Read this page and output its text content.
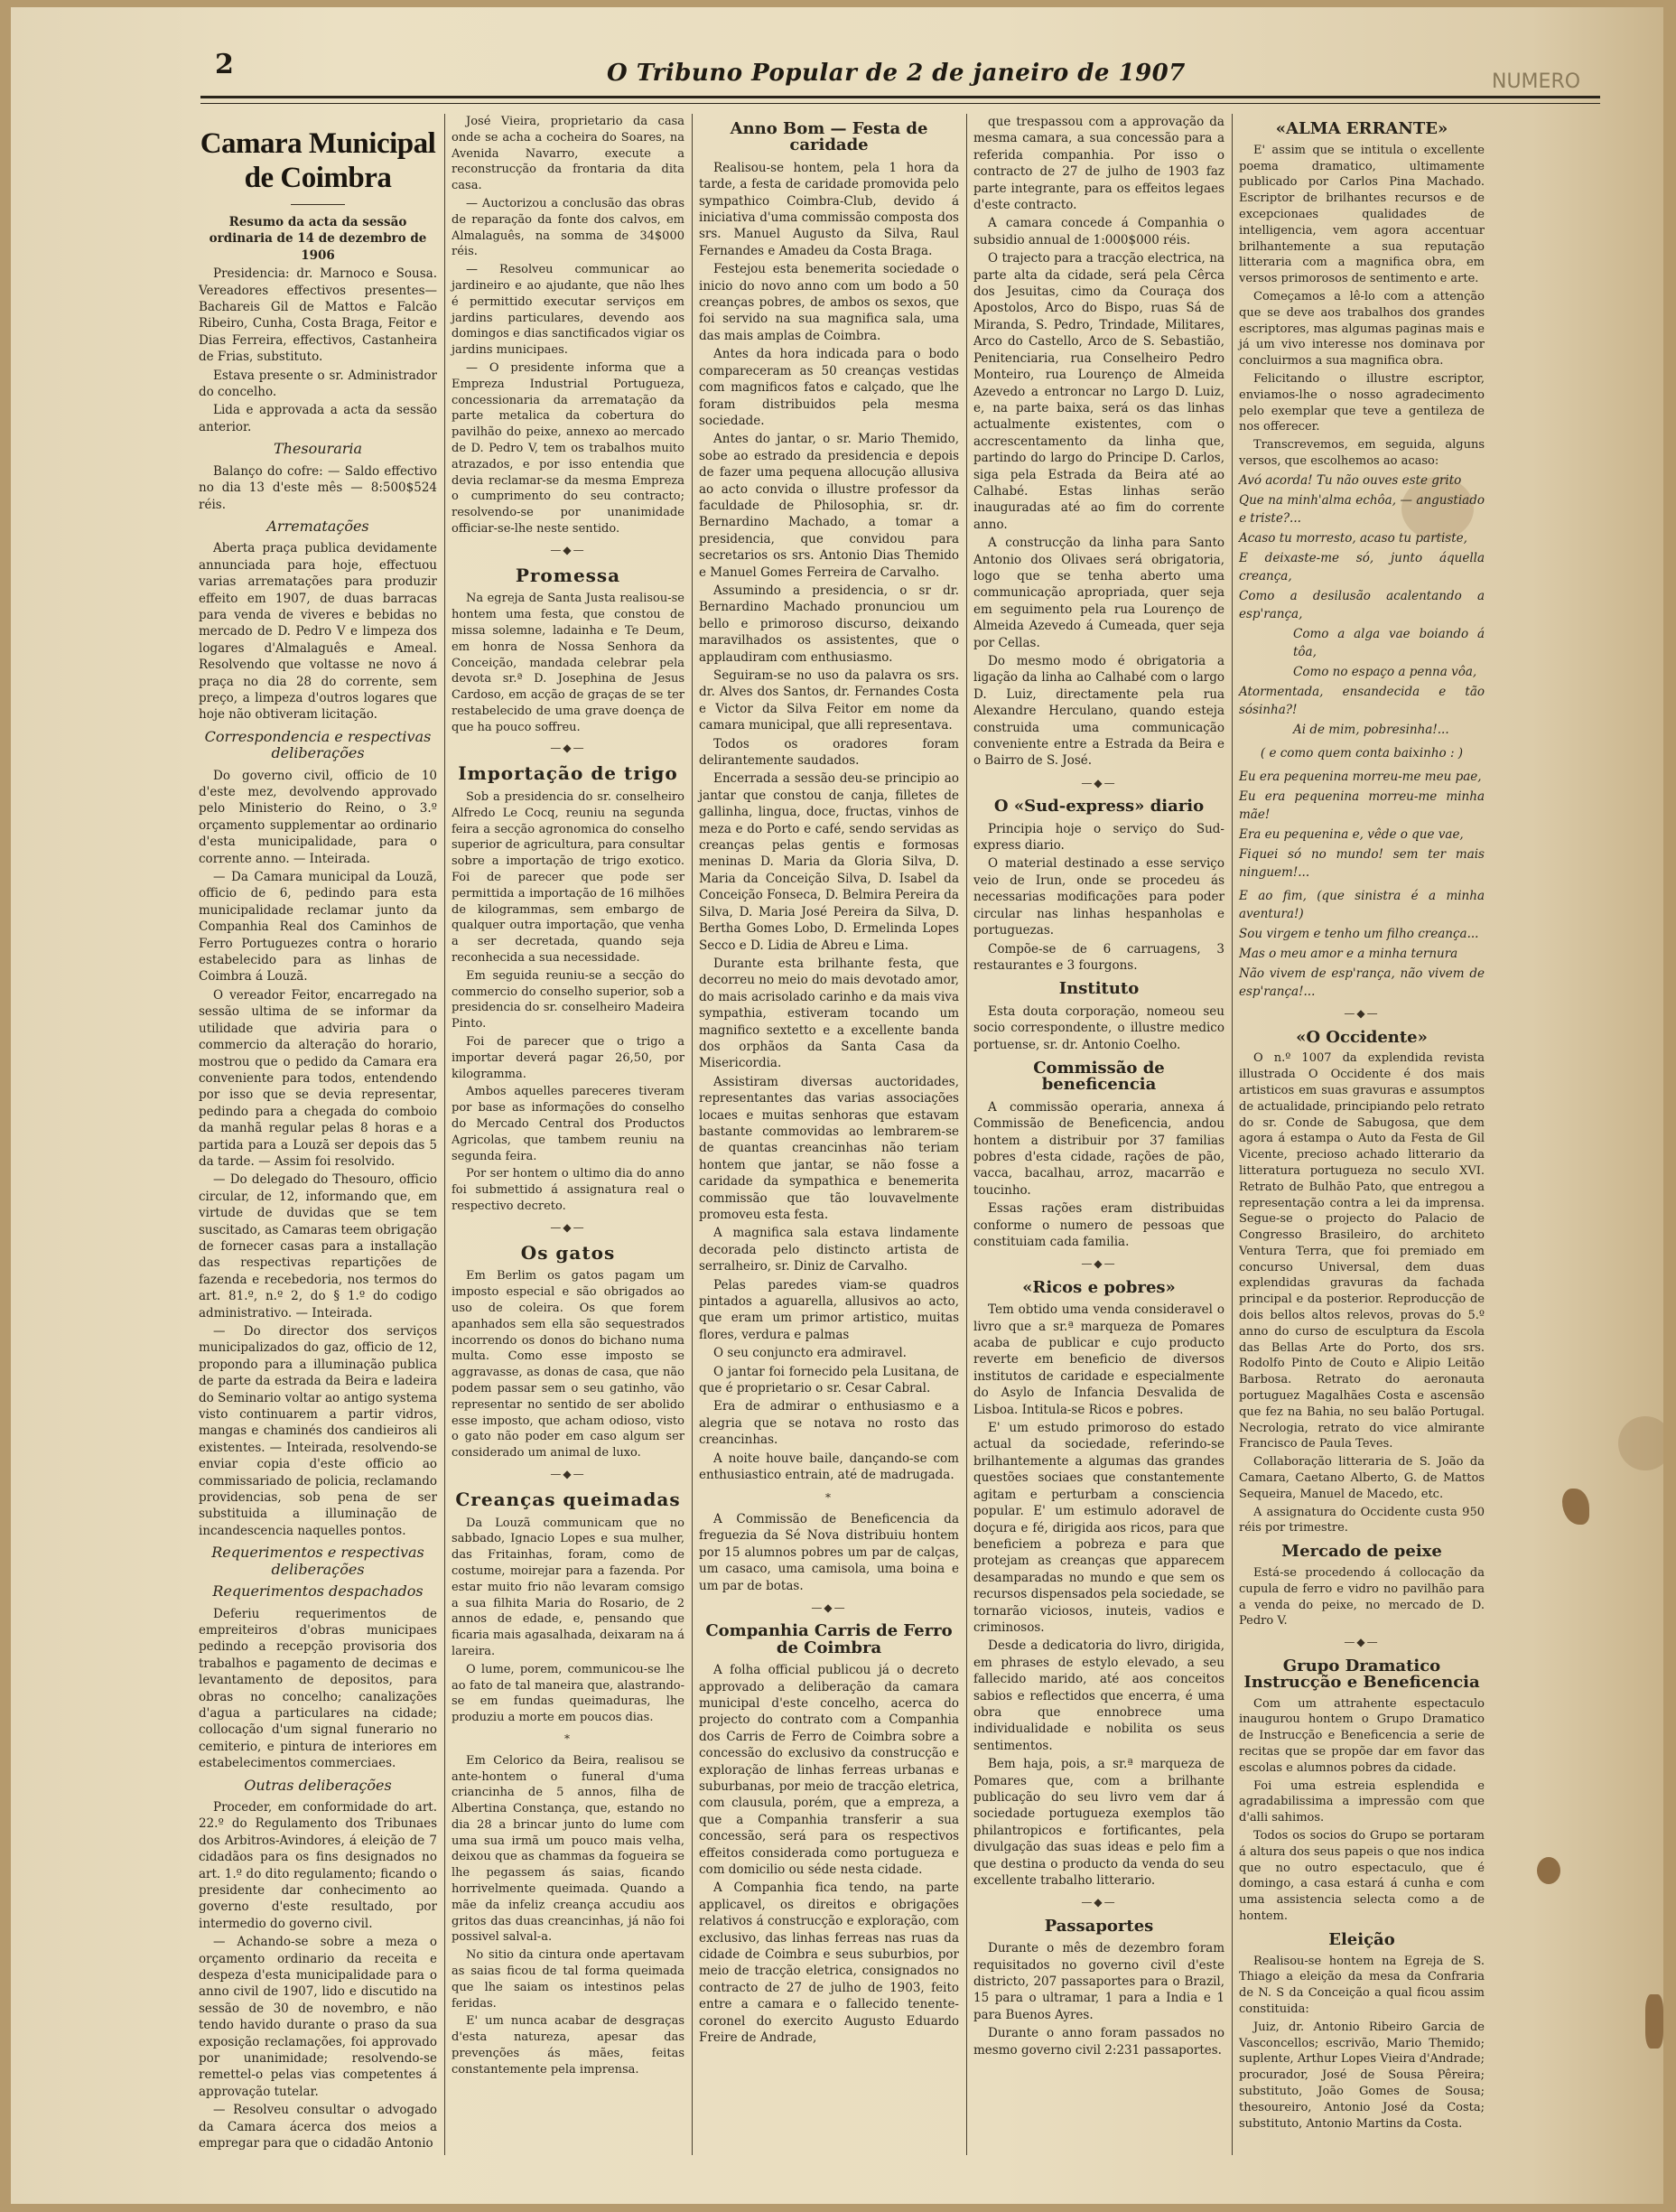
2	O Tribuno Popular de 2 de janeiro de 1907	NUMERO
Camara Municipal de Coimbra

Resumo da acta da sessão ordinaria de 14 de dezembro de 1906

Presidencia: dr. Marnoco e Sousa. Vereadores effectivos presentes— Bachareis Gil de Mattos e Falcão Ribeiro, Cunha, Costa Braga, Feitor e Dias Ferreira, effectivos, Castanheira de Frias, substituto.

Estava presente o sr. Administrador do concelho.

Lida e approvada a acta da sessão anterior.

Thesouraria

Balanço do cofre: — Saldo effectivo no dia 13 d'este mês — 8:500$524 réis.

Arrematações

Aberta praça publica devidamente annunciada para hoje, effectuou varias arrematações para produzir effeito em 1907, de duas barracas para venda de viveres e bebidas no mercado de D. Pedro V e limpeza dos logares d'Almalaguês e Ameal. Resolvendo que voltasse ne novo á praça no dia 28 do corrente, sem preço, a limpeza d'outros logares que hoje não obtiveram licitação.

Correspondencia e respectivas deliberações

Do governo civil, officio de 10 d'este mez, devolvendo approvado pelo Ministerio do Reino, o 3.º orçamento supplementar ao ordinario d'esta municipalidade, para o corrente anno. — Inteirada.

— Da Camara municipal da Louzã, officio de 6, pedindo para esta municipalidade reclamar junto da Companhia Real dos Caminhos de Ferro Portuguezes contra o horario estabelecido para as linhas de Coimbra á Louzã.

O vereador Feitor, encarregado na sessão ultima de se informar da utilidade que adviria para o commercio da alteração do horario, mostrou que o pedido da Camara era conveniente para todos, entendendo por isso que se devia representar, pedindo para a chegada do comboio da manhã regular pelas 8 horas e a partida para a Louzã ser depois das 5 da tarde. — Assim foi resolvido.

— Do delegado do Thesouro, officio circular, de 12, informando que, em virtude de duvidas que se tem suscitado, as Camaras teem obrigação de fornecer casas para a installação das respectivas repartições de fazenda e recebedoria, nos termos do art. 81.º, n.º 2, do § 1.º do codigo administrativo. — Inteirada.

— Do director dos serviços municipalizados do gaz, officio de 12, propondo para a illuminação publica de parte da estrada da Beira e ladeira do Seminario voltar ao antigo systema visto continuarem a partir vidros, mangas e chaminés dos candieiros ali existentes. — Inteirada, resolvendo-se enviar copia d'este officio ao commissariado de policia, reclamando providencias, sob pena de ser substituida a illuminação de incandescencia naquelles pontos.

Requerimentos e respectivas deliberações
Requerimentos despachados

Deferiu requerimentos de empreiteiros d'obras municipaes pedindo a recepção provisoria dos trabalhos e pagamento de decimas e levantamento de depositos, para obras no concelho; canalizações d'agua a particulares na cidade; collocação d'um signal funerario no cemiterio, e pintura de interiores em estabelecimentos commerciaes.

Outras deliberações

Proceder, em conformidade do art. 22.º do Regulamento dos Tribunaes dos Arbitros-Avindores, á eleição de 7 cidadãos para os fins designados no art. 1.º do dito regulamento; ficando o presidente dar conhecimento ao governo d'este resultado, por intermedio do governo civil.

— Achando-se sobre a meza o orçamento ordinario da receita e despeza d'esta municipalidade para o anno civil de 1907, lido e discutido na sessão de 30 de novembro, e não tendo havido durante o praso da sua exposição reclamações, foi approvado por unanimidade; resolvendo-se remettel-o pelas vias competentes á approvação tutelar.

— Resolveu consultar o advogado da Camara ácerca dos meios a empregar para que o cidadão Antonio

José Vieira, proprietario da casa onde se acha a cocheira do Soares, na Avenida Navarro, execute a reconstrucção da frontaria da dita casa.

— Auctorizou a conclusão das obras de reparação da fonte dos calvos, em Almalaguês, na somma de 34$000 réis.

— Resolveu communicar ao jardineiro e ao ajudante, que não lhes é permittido executar serviços em jardins particulares, devendo aos domingos e dias sanctificados vigiar os jardins municipaes.

— O presidente informa que a Empreza Industrial Portugueza, concessionaria da arrematação da parte metalica da cobertura do pavilhão do peixe, annexo ao mercado de D. Pedro V, tem os trabalhos muito atrazados, e por isso entendia que devia reclamar-se da mesma Empreza o cumprimento do seu contracto; resolvendo-se por unanimidade officiar-se-lhe neste sentido.

—◆—
Promessa

Na egreja de Santa Justa realisou-se hontem uma festa, que constou de missa solemne, ladainha e Te Deum, em honra de Nossa Senhora da Conceição, mandada celebrar pela devota sr.ª D. Josephina de Jesus Cardoso, em acção de graças de se ter restabelecido de uma grave doença de que ha pouco soffreu.

—◆—
Importação de trigo

Sob a presidencia do sr. conselheiro Alfredo Le Cocq, reuniu na segunda feira a secção agronomica do conselho superior de agricultura, para consultar sobre a importação de trigo exotico. Foi de parecer que pode ser permittida a importação de 16 milhões de kilogrammas, sem embargo de qualquer outra importação, que venha a ser decretada, quando seja reconhecida a sua necessidade.

Em seguida reuniu-se a secção do commercio do conselho superior, sob a presidencia do sr. conselheiro Madeira Pinto.

Foi de parecer que o trigo a importar deverá pagar 26,50, por kilogramma.

Ambos aquelles pareceres tiveram por base as informações do conselho do Mercado Central dos Productos Agricolas, que tambem reuniu na segunda feira.

Por ser hontem o ultimo dia do anno foi submettido á assignatura real o respectivo decreto.

—◆—
Os gatos

Em Berlim os gatos pagam um imposto especial e são obrigados ao uso de coleira. Os que forem apanhados sem ella são sequestrados incorrendo os donos do bichano numa multa. Como esse imposto se aggravasse, as donas de casa, que não podem passar sem o seu gatinho, vão representar no sentido de ser abolido esse imposto, que acham odioso, visto o gato não poder em caso algum ser considerado um animal de luxo.

—◆—
Creanças queimadas

Da Louzã communicam que no sabbado, Ignacio Lopes e sua mulher, das Fritainhas, foram, como de costume, moirejar para a fazenda. Por estar muito frio não levaram comsigo a sua filhita Maria do Rosario, de 2 annos de edade, e, pensando que ficaria mais agasalhada, deixaram na á lareira.

O lume, porem, communicou-se lhe ao fato de tal maneira que, alastrando-se em fundas queimaduras, lhe produziu a morte em poucos dias.

*

Em Celorico da Beira, realisou se ante-hontem o funeral d'uma criancinha de 5 annos, filha de Albertina Constança, que, estando no dia 28 a brincar junto do lume com uma sua irmã um pouco mais velha, deixou que as chammas da fogueira se lhe pegassem ás saias, ficando horrivelmente queimada. Quando a mãe da infeliz creança accudiu aos gritos das duas creancinhas, já não foi possivel salval-a.

No sitio da cintura onde apertavam as saias ficou de tal forma queimada que lhe saiam os intestinos pelas feridas.

E' um nunca acabar de desgraças d'esta natureza, apesar das prevenções ás mães, feitas constantemente pela imprensa.

Anno Bom — Festa de caridade

Realisou-se hontem, pela 1 hora da tarde, a festa de caridade promovida pelo sympathico Coimbra-Club, devido á iniciativa d'uma commissão composta dos srs. Manuel Augusto da Silva, Raul Fernandes e Amadeu da Costa Braga.

Festejou esta benemerita sociedade o inicio do novo anno com um bodo a 50 creanças pobres, de ambos os sexos, que foi servido na sua magnifica sala, uma das mais amplas de Coimbra.

Antes da hora indicada para o bodo compareceram as 50 creanças vestidas com magnificos fatos e calçado, que lhe foram distribuidos pela mesma sociedade.

Antes do jantar, o sr. Mario Themido, sobe ao estrado da presidencia e depois de fazer uma pequena allocução allusiva ao acto convida o illustre professor da faculdade de Philosophia, sr. dr. Bernardino Machado, a tomar a presidencia, que convidou para secretarios os srs. Antonio Dias Themido e Manuel Gomes Ferreira de Carvalho.

Assumindo a presidencia, o sr dr. Bernardino Machado pronunciou um bello e primoroso discurso, deixando maravilhados os assistentes, que o applaudiram com enthusiasmo.

Seguiram-se no uso da palavra os srs. dr. Alves dos Santos, dr. Fernandes Costa e Victor da Silva Feitor em nome da camara municipal, que alli representava.

Todos os oradores foram delirantemente saudados.

Encerrada a sessão deu-se principio ao jantar que constou de canja, filletes de gallinha, lingua, doce, fructas, vinhos de meza e do Porto e café, sendo servidas as creanças pelas gentis e formosas meninas D. Maria da Gloria Silva, D. Maria da Conceição Silva, D. Isabel da Conceição Fonseca, D. Belmira Pereira da Silva, D. Maria José Pereira da Silva, D. Bertha Gomes Lobo, D. Ermelinda Lopes Secco e D. Lidia de Abreu e Lima.

Durante esta brilhante festa, que decorreu no meio do mais devotado amor, do mais acrisolado carinho e da mais viva sympathia, estiveram tocando um magnifico sextetto e a excellente banda dos orphãos da Santa Casa da Misericordia.

Assistiram diversas auctoridades, representantes das varias associações locaes e muitas senhoras que estavam bastante commovidas ao lembrarem-se de quantas creancinhas não teriam hontem que jantar, se não fosse a caridade da sympathica e benemerita commissão que tão louvavelmente promoveu esta festa.

A magnifica sala estava lindamente decorada pelo distincto artista de serralheiro, sr. Diniz de Carvalho.

Pelas paredes viam-se quadros pintados a aguarella, allusivos ao acto, que eram um primor artistico, muitas flores, verdura e palmas

O seu conjuncto era admiravel.

O jantar foi fornecido pela Lusitana, de que é proprietario o sr. Cesar Cabral.

Era de admirar o enthusiasmo e a alegria que se notava no rosto das creancinhas.

A noite houve baile, dançando-se com enthusiastico entrain, até de madrugada.

*

A Commissão de Beneficencia da freguezia da Sé Nova distribuiu hontem por 15 alumnos pobres um par de calças, um casaco, uma camisola, uma boina e um par de botas.

—◆—
Companhia Carris de Ferro de Coimbra

A folha official publicou já o decreto approvado a deliberação da camara municipal d'este concelho, acerca do projecto do contrato com a Companhia dos Carris de Ferro de Coimbra sobre a concessão do exclusivo da construcção e exploração de linhas ferreas urbanas e suburbanas, por meio de tracção eletrica, com clausula, porém, que a empreza, a que a Companhia transferir a sua concessão, será para os respectivos effeitos considerada como portugueza e com domicilio ou séde nesta cidade.

A Companhia fica tendo, na parte applicavel, os direitos e obrigações relativos á construcção e exploração, com exclusivo, das linhas ferreas nas ruas da cidade de Coimbra e seus suburbios, por meio de tracção eletrica, consignados no contracto de 27 de julho de 1903, feito entre a camara e o fallecido tenente-coronel do exercito Augusto Eduardo Freire de Andrade,

que trespassou com a approvação da mesma camara, a sua concessão para a referida companhia. Por isso o contracto de 27 de julho de 1903 faz parte integrante, para os effeitos legaes d'este contracto.

A camara concede á Companhia o subsidio annual de 1:000$000 réis.

O trajecto para a tracção electrica, na parte alta da cidade, será pela Cêrca dos Jesuitas, cimo da Couraça dos Apostolos, Arco do Bispo, ruas Sá de Miranda, S. Pedro, Trindade, Militares, Arco do Castello, Arco de S. Sebastião, Penitenciaria, rua Conselheiro Pedro Monteiro, rua Lourenço de Almeida Azevedo a entroncar no Largo D. Luiz, e, na parte baixa, será os das linhas actualmente existentes, com o accrescentamento da linha que, partindo do largo do Principe D. Carlos, siga pela Estrada da Beira até ao Calhabé. Estas linhas serão inauguradas até ao fim do corrente anno.

A construcção da linha para Santo Antonio dos Olivaes será obrigatoria, logo que se tenha aberto uma communicação apropriada, quer seja em seguimento pela rua Lourenço de Almeida Azevedo á Cumeada, quer seja por Cellas.

Do mesmo modo é obrigatoria a ligação da linha ao Calhabé com o largo D. Luiz, directamente pela rua Alexandre Herculano, quando esteja construida uma communicação conveniente entre a Estrada da Beira e o Bairro de S. José.

—◆—
O «Sud-express» diario

Principia hoje o serviço do Sud-express diario.

O material destinado a esse serviço veio de Irun, onde se procedeu ás necessarias modificações para poder circular nas linhas hespanholas e portuguezas.

Compõe-se de 6 carruagens, 3 restaurantes e 3 fourgons.

Instituto

Esta douta corporação, nomeou seu socio correspondente, o illustre medico portuense, sr. dr. Antonio Coelho.

Commissão de beneficencia

A commissão operaria, annexa á Commissão de Beneficencia, andou hontem a distribuir por 37 familias pobres d'esta cidade, rações de pão, vacca, bacalhau, arroz, macarrão e toucinho.

Essas rações eram distribuidas conforme o numero de pessoas que constituiam cada familia.

—◆—
«Ricos e pobres»

Tem obtido uma venda consideravel o livro que a sr.ª marqueza de Pomares acaba de publicar e cujo producto reverte em beneficio de diversos institutos de caridade e especialmente do Asylo de Infancia Desvalida de Lisboa. Intitula-se Ricos e pobres.

E' um estudo primoroso do estado actual da sociedade, referindo-se brilhantemente a algumas das grandes questões sociaes que constantemente agitam e perturbam a consciencia popular. E' um estimulo adoravel de doçura e fé, dirigida aos ricos, para que beneficiem a pobreza e para que protejam as creanças que apparecem desamparadas no mundo e que sem os recursos dispensados pela sociedade, se tornarão viciosos, inuteis, vadios e criminosos.

Desde a dedicatoria do livro, dirigida, em phrases de estylo elevado, a seu fallecido marido, até aos conceitos sabios e reflectidos que encerra, é uma obra que ennobrece uma individualidade e nobilita os seus sentimentos.

Bem haja, pois, a sr.ª marqueza de Pomares que, com a brilhante publicação do seu livro vem dar á sociedade portugueza exemplos tão philantropicos e fortificantes, pela divulgação das suas ideas e pelo fim a que destina o producto da venda do seu excellente trabalho litterario.

—◆—
Passaportes

Durante o mês de dezembro foram requisitados no governo civil d'este districto, 207 passaportes para o Brazil, 15 para o ultramar, 1 para a India e 1 para Buenos Ayres.

Durante o anno foram passados no mesmo governo civil 2:231 passaportes.

«ALMA ERRANTE»

E' assim que se intitula o excellente poema dramatico, ultimamente publicado por Carlos Pina Machado. Escriptor de brilhantes recursos e de excepcionaes qualidades de intelligencia, vem agora accentuar brilhantemente a sua reputação litteraria com a magnifica obra, em versos primorosos de sentimento e arte.

Começamos a lê-lo com a attenção que se deve aos trabalhos dos grandes escriptores, mas algumas paginas mais e já um vivo interesse nos dominava por concluirmos a sua magnifica obra.

Felicitando o illustre escriptor, enviamos-lhe o nosso agradecimento pelo exemplar que teve a gentileza de nos offerecer.

Transcrevemos, em seguida, alguns versos, que escolhemos ao acaso:

Avó acorda! Tu não ouves este grito

Que na minh'alma echôa, — angustiado e triste?...

Acaso tu morresto, acaso tu partiste,

E deixaste-me só, junto áquella creança,

Como a desilusão acalentando a esp'rança,

Como a alga vae boiando á tôa,

Como no espaço a penna vôa,

Atormentada, ensandecida e tão sósinha?!

Ai de mim, pobresinha!...

( e como quem conta baixinho : )

Eu era pequenina morreu-me meu pae,

Eu era pequenina morreu-me minha mãe!

Era eu pequenina e, vêde o que vae,

Fiquei só no mundo! sem ter mais ninguem!...

E ao fim, (que sinistra é a minha aventura!)

Sou virgem e tenho um filho creança...

Mas o meu amor e a minha ternura

Não vivem de esp'rança, não vivem de esp'rança!...

—◆—
«O Occidente»

O n.º 1007 da explendida revista illustrada O Occidente é dos mais artisticos em suas gravuras e assumptos de actualidade, principiando pelo retrato do sr. Conde de Sabugosa, que dem agora á estampa o Auto da Festa de Gil Vicente, precioso achado litterario da litteratura portugueza no seculo XVI. Retrato de Bulhão Pato, que entregou a representação contra a lei da imprensa. Segue-se o projecto do Palacio de Congresso Brasileiro, do architeto Ventura Terra, que foi premiado em concurso Universal, dem duas explendidas gravuras da fachada principal e da posterior. Reproducção de dois bellos altos relevos, provas do 5.º anno do curso de esculptura da Escola das Bellas Arte do Porto, dos srs. Rodolfo Pinto de Couto e Alipio Leitão Barbosa. Retrato do aeronauta portuguez Magalhães Costa e ascensão que fez na Bahia, no seu balão Portugal. Necrologia, retrato do vice almirante Francisco de Paula Teves.

Collaboração litteraria de S. João da Camara, Caetano Alberto, G. de Mattos Sequeira, Manuel de Macedo, etc.

A assignatura do Occidente custa 950 réis por trimestre.

Mercado de peixe

Está-se procedendo á collocação da cupula de ferro e vidro no pavilhão para a venda do peixe, no mercado de D. Pedro V.

—◆—
Grupo Dramatico Instrucção e Beneficencia

Com um attrahente espectaculo inaugurou hontem o Grupo Dramatico de Instrucção e Beneficencia a serie de recitas que se propõe dar em favor das escolas e alumnos pobres da cidade.

Foi uma estreia esplendida e agradabilissima a impressão com que d'alli sahimos.

Todos os socios do Grupo se portaram á altura dos seus papeis o que nos indica que no outro espectaculo, que é domingo, a casa estará á cunha e com uma assistencia selecta como a de hontem.

Eleição

Realisou-se hontem na Egreja de S. Thiago a eleição da mesa da Confraria de N. S da Conceição a qual ficou assim constituida:

Juiz, dr. Antonio Ribeiro Garcia de Vasconcellos; escrivão, Mario Themido; suplente, Arthur Lopes Vieira d'Andrade; procurador, José de Sousa Pêreira; substituto, João Gomes de Sousa; thesoureiro, Antonio José da Costa; substituto, Antonio Martins da Costa.
